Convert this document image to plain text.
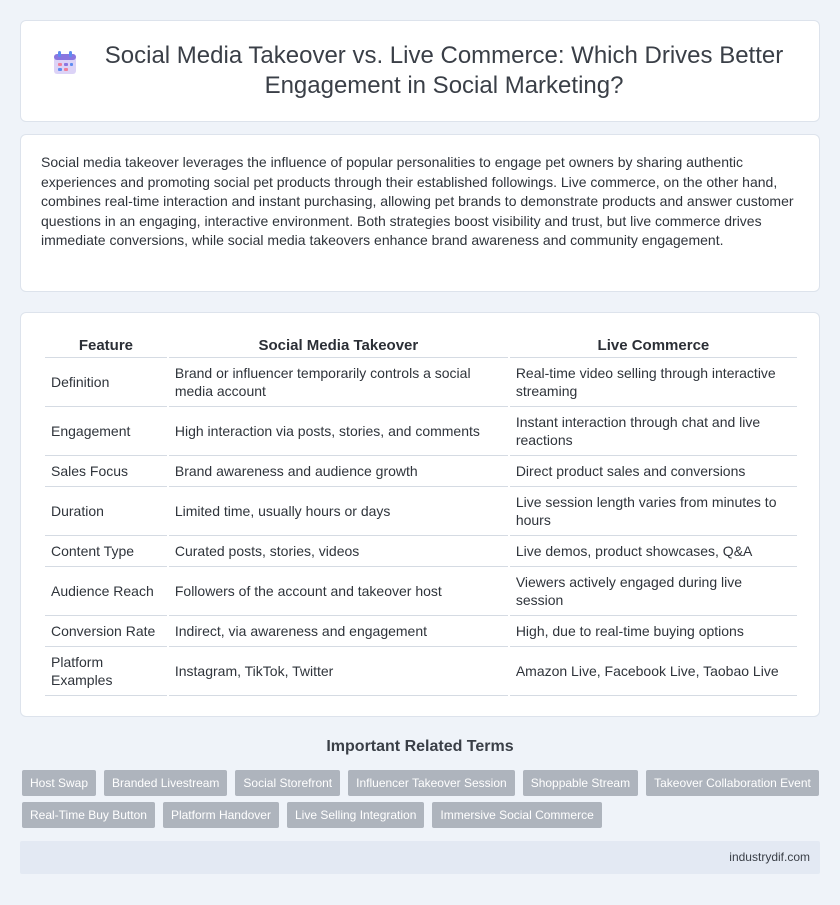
Social Media Takeover vs. Live Commerce: Which Drives Better Engagement in Social Marketing?

Social media takeover leverages the influence of popular personalities to engage pet owners by sharing authentic experiences and promoting social pet products through their established followings. Live commerce, on the other hand, combines real-time interaction and instant purchasing, allowing pet brands to demonstrate products and answer customer questions in an engaging, interactive environment. Both strategies boost visibility and trust, but live commerce drives immediate conversions, while social media takeovers enhance brand awareness and community engagement.

Feature	Social Media Takeover	Live Commerce
Definition	Brand or influencer temporarily controls a social media account	Real-time video selling through interactive streaming
Engagement	High interaction via posts, stories, and comments	Instant interaction through chat and live reactions
Sales Focus	Brand awareness and audience growth	Direct product sales and conversions
Duration	Limited time, usually hours or days	Live session length varies from minutes to hours
Content Type	Curated posts, stories, videos	Live demos, product showcases, Q&A
Audience Reach	Followers of the account and takeover host	Viewers actively engaged during live session
Conversion Rate	Indirect, via awareness and engagement	High, due to real-time buying options
Platform Examples	Instagram, TikTok, Twitter	Amazon Live, Facebook Live, Taobao Live
Important Related Terms
Host Swap	Branded Livestream	Social Storefront	Influencer Takeover Session	Shoppable Stream	Takeover Collaboration Event
Real-Time Buy Button	Platform Handover	Live Selling Integration	Immersive Social Commerce
industrydif.com
